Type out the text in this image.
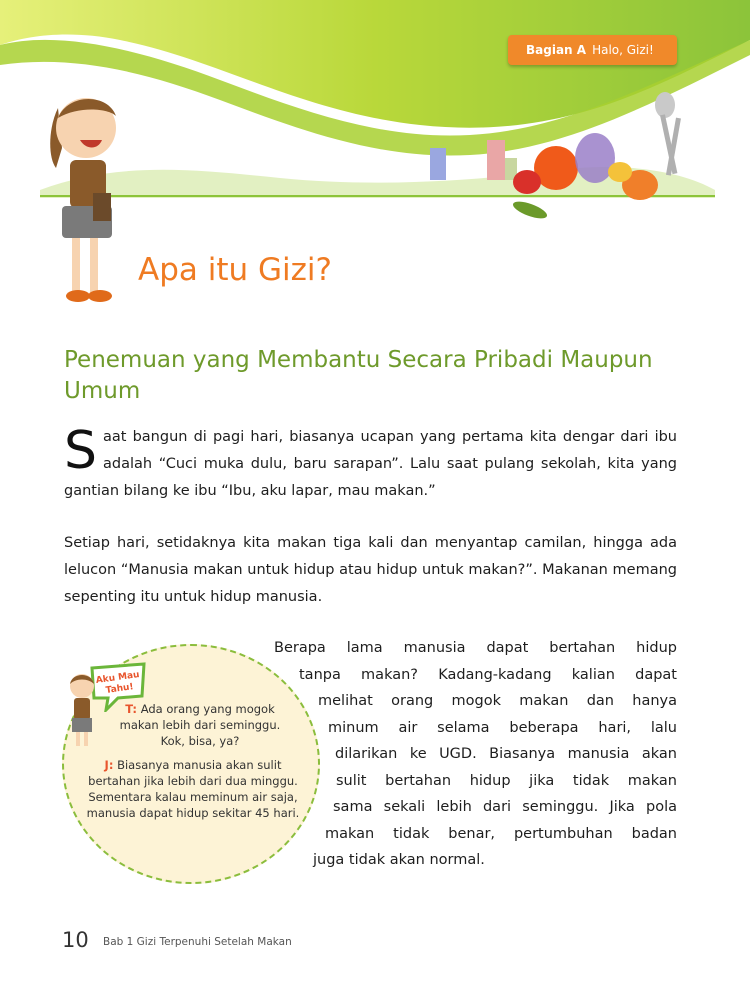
Bagian A Halo, Gizi!
Apa itu Gizi?
Penemuan yang Membantu Secara Pribadi Maupun Umum
S aat bangun di pagi hari, biasanya ucapan yang pertama kita dengar dari ibu adalah “Cuci muka dulu, baru sarapan”. Lalu saat pulang sekolah, kita yang gantian bilang ke ibu “Ibu, aku lapar, mau makan.”
Setiap hari, setidaknya kita makan tiga kali dan menyantap camilan, hingga ada lelucon “Manusia makan untuk hidup atau hidup untuk makan?”. Makanan memang sepenting itu untuk hidup manusia.
Aku Mau
Tahu!
T: Ada orang yang mogok makan lebih dari seminggu. Kok, bisa, ya?
J: Biasanya manusia akan sulit bertahan jika lebih dari dua minggu. Sementara kalau meminum air saja, manusia dapat hidup sekitar 45 hari.
Berapa lama manusia dapat bertahan hidup
tanpa makan? Kadang-kadang kalian dapat
melihat orang mogok makan dan hanya
minum air selama beberapa hari, lalu
dilarikan ke UGD. Biasanya manusia akan
sulit bertahan hidup jika tidak makan
sama sekali lebih dari seminggu. Jika pola
makan tidak benar, pertumbuhan badan
juga tidak akan normal.
10 Bab 1 Gizi Terpenuhi Setelah Makan
